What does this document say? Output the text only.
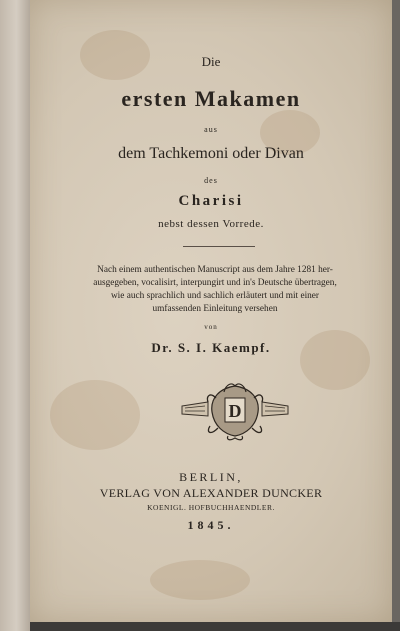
Die
ersten Makamen
aus
dem Tachkemoni oder Divan
des
Charisi
nebst dessen Vorrede.
Nach einem authentischen Manuscript aus dem Jahre 1281 her-
ausgegeben, vocalisirt, interpungirt und in's Deutsche übertragen,
wie auch sprachlich und sachlich erläutert und mit einer
umfassenden Einleitung versehen
von
Dr. S. I. Kaempf.
D
BERLIN,
VERLAG VON ALEXANDER DUNCKER
KOENIGL. HOFBUCHHAENDLER.
1845.
